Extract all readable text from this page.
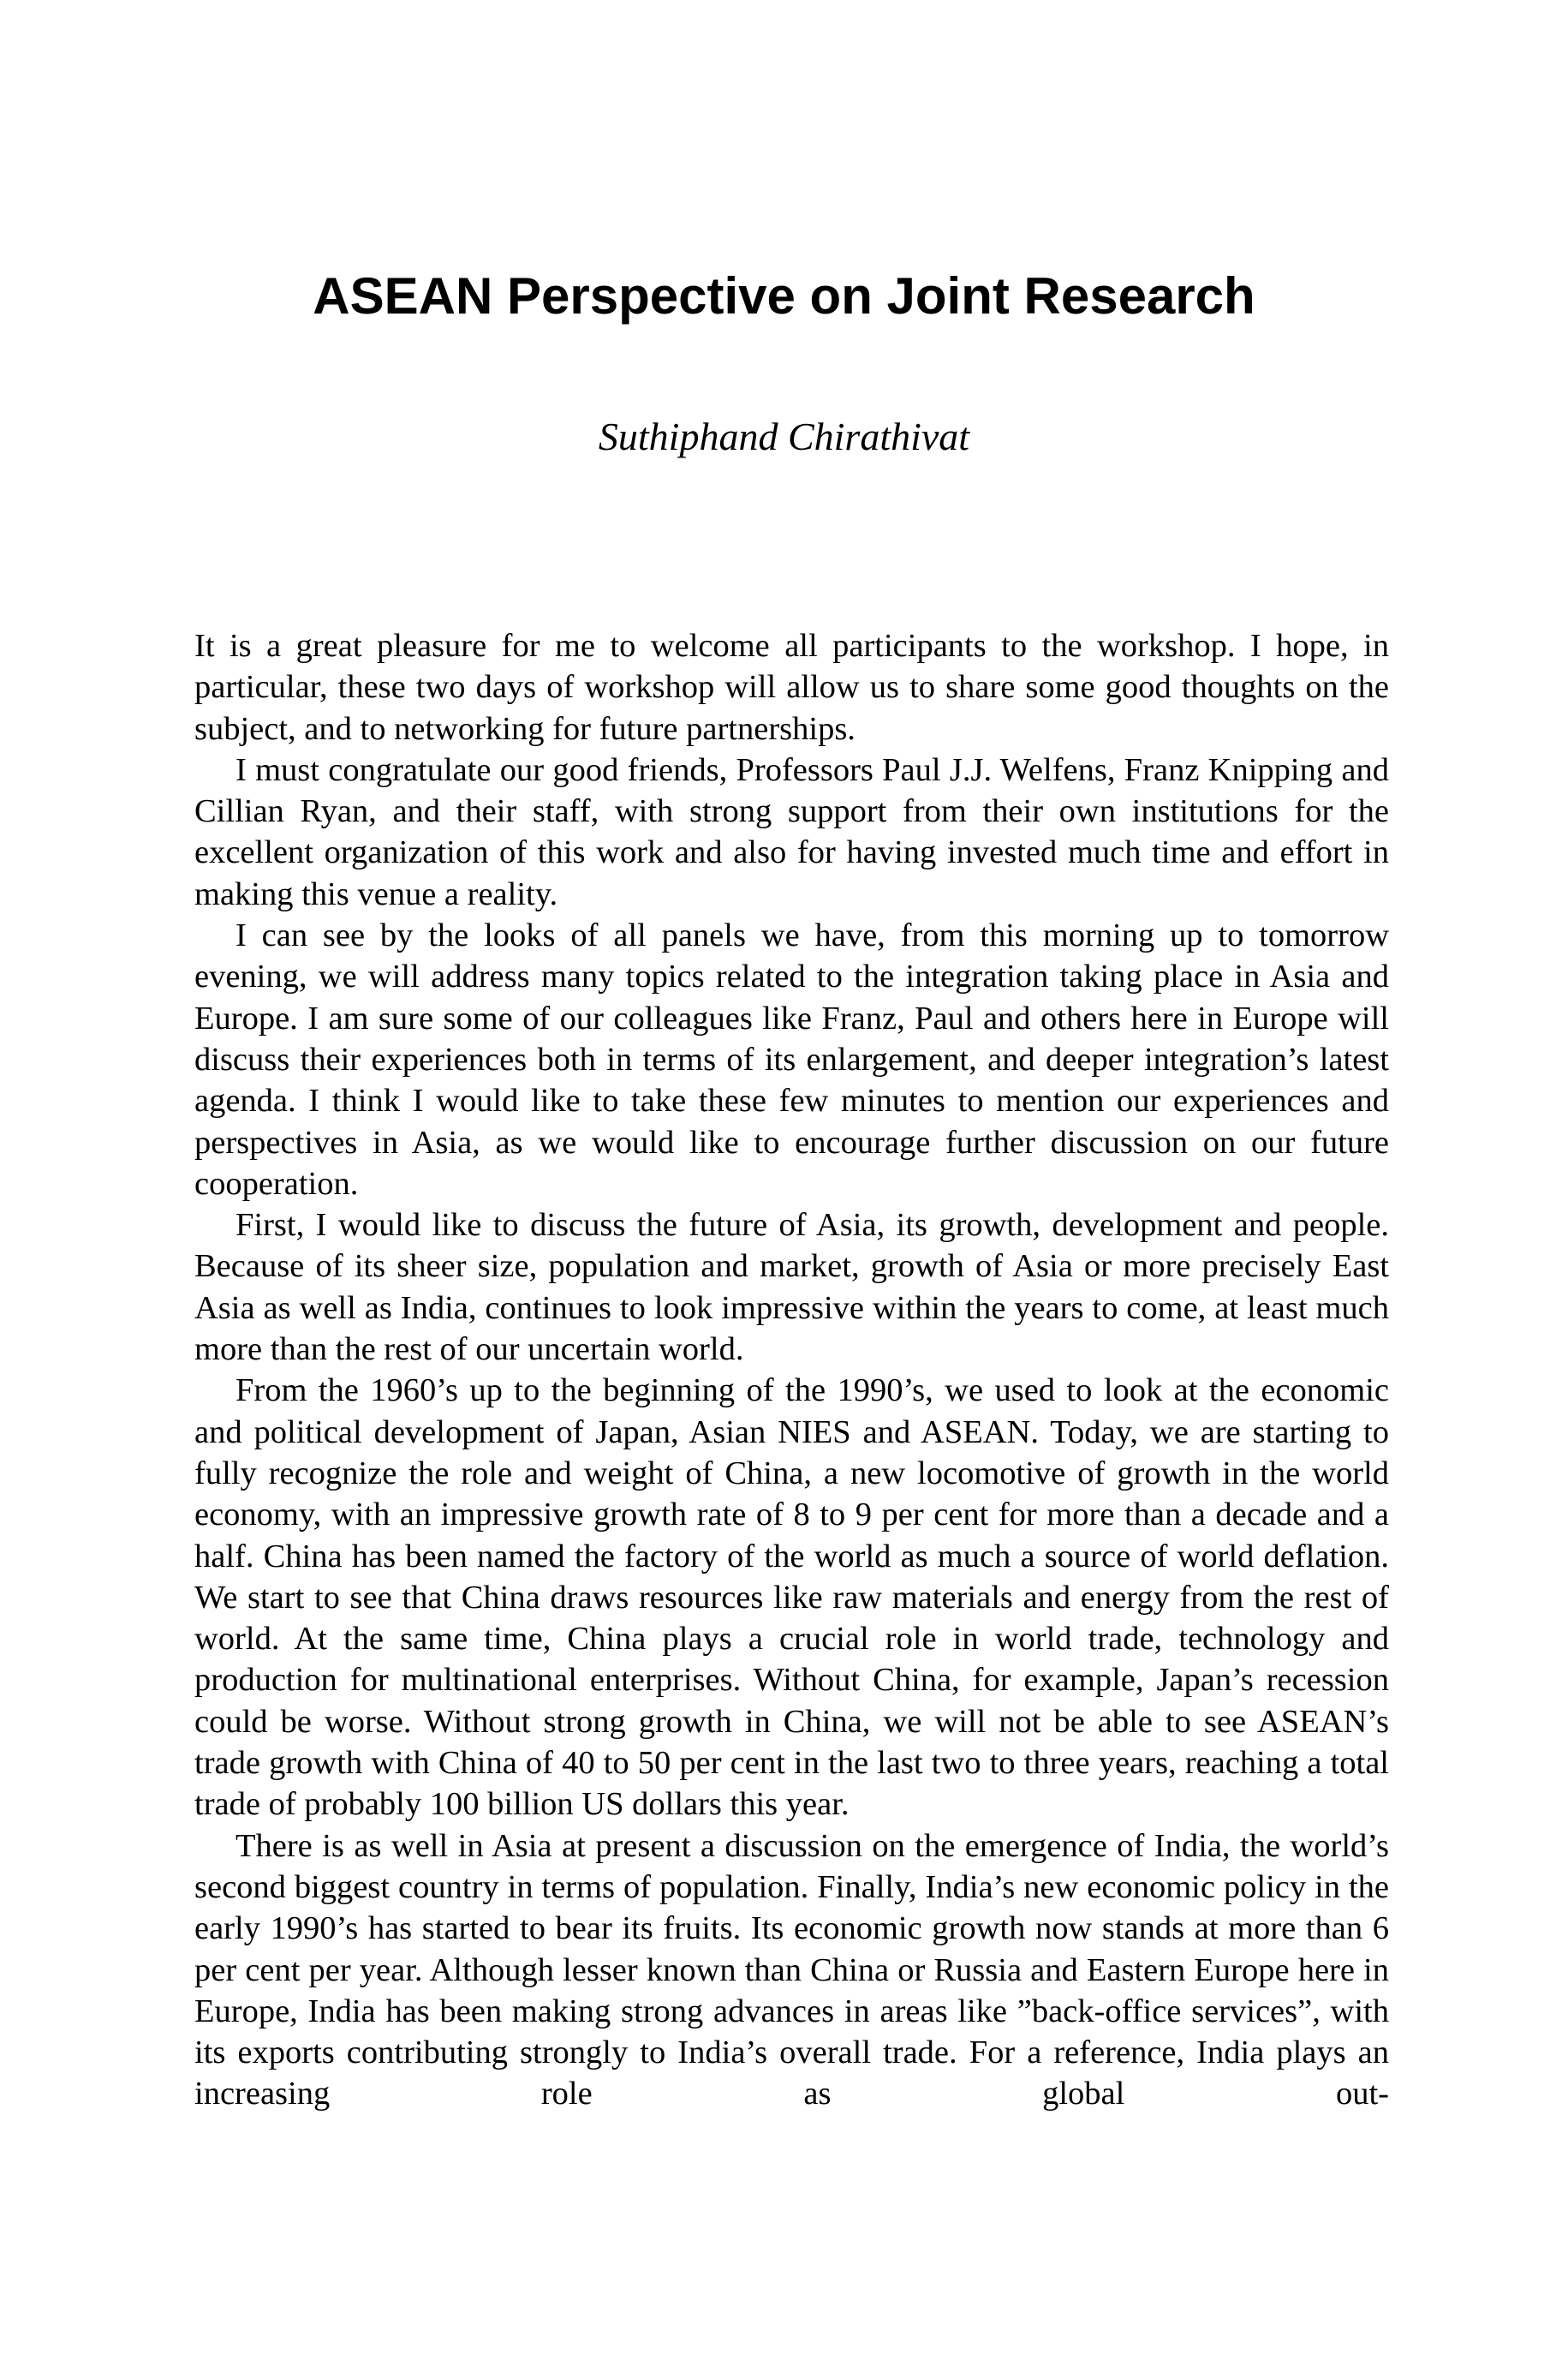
ASEAN Perspective on Joint Research
Suthiphand Chirathivat

It is a great pleasure for me to welcome all participants to the workshop. I hope, in particular, these two days of workshop will allow us to share some good thoughts on the subject, and to networking for future partnerships.

I must congratulate our good friends, Professors Paul J.J. Welfens, Franz Knipping and Cillian Ryan, and their staff, with strong support from their own institutions for the excellent organization of this work and also for having invested much time and effort in making this venue a reality.

I can see by the looks of all panels we have, from this morning up to tomorrow evening, we will address many topics related to the integration taking place in Asia and Europe. I am sure some of our colleagues like Franz, Paul and others here in Europe will discuss their experiences both in terms of its enlargement, and deeper integration’s latest agenda. I think I would like to take these few minutes to mention our experiences and perspectives in Asia, as we would like to encourage further discussion on our future cooperation.

First, I would like to discuss the future of Asia, its growth, development and people. Because of its sheer size, population and market, growth of Asia or more precisely East Asia as well as India, continues to look impressive within the years to come, at least much more than the rest of our uncertain world.

From the 1960’s up to the beginning of the 1990’s, we used to look at the economic and political development of Japan, Asian NIES and ASEAN. Today, we are starting to fully recognize the role and weight of China, a new locomotive of growth in the world economy, with an impressive growth rate of 8 to 9 per cent for more than a decade and a half. China has been named the factory of the world as much a source of world deflation. We start to see that China draws resources like raw materials and energy from the rest of world. At the same time, China plays a crucial role in world trade, technology and production for multinational enterprises. Without China, for example, Japan’s recession could be worse. Without strong growth in China, we will not be able to see ASEAN’s trade growth with China of 40 to 50 per cent in the last two to three years, reaching a total trade of probably 100 billion US dollars this year.

There is as well in Asia at present a discussion on the emergence of India, the world’s second biggest country in terms of population. Finally, India’s new economic policy in the early 1990’s has started to bear its fruits. Its economic growth now stands at more than 6 per cent per year. Although lesser known than China or Russia and Eastern Europe here in Europe, India has been making strong advances in areas like ”back-office services”, with its exports contributing strongly to India’s overall trade. For a reference, India plays an increasing role as global out-
